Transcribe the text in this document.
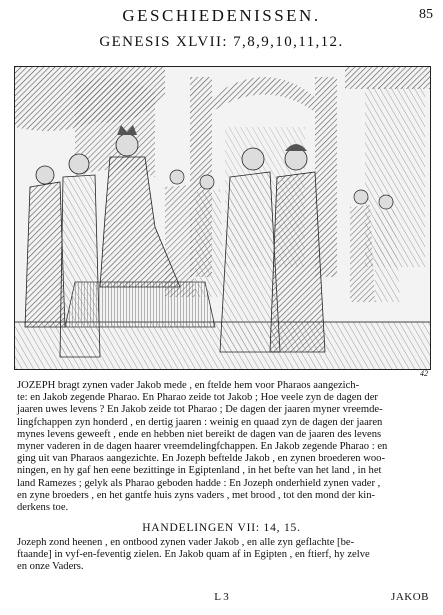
GESCHIEDENISSEN.	85
GENESIS XLVII: 7,8,9,10,11,12.
42
JOZEPH bragt zynen vader Jakob mede , en ftelde hem voor Pharaos aangezich-
te: en Jakob zegende Pharao. En Pharao zeide tot Jakob ; Hoe veele zyn de dagen der
jaaren uwes levens ? En Jakob zeide tot Pharao ; De dagen der jaaren myner vreemde-
lingfchappen zyn honderd , en dertig jaaren : weinig en quaad zyn de dagen der jaaren
mynes levens geweeft , ende en hebben niet bereikt de dagen van de jaaren des levens
myner vaderen in de dagen haarer vreemdelingfchappen. En Jakob zegende Pharao : en
ging uit van Pharaos aangezichte. En Jozeph beftelde Jakob , en zynen broederen woo-
ningen, en hy gaf hen eene bezittinge in Egiptenland , in het befte van het land , in het
land Ramezes ; gelyk als Pharao geboden hadde : En Jozeph onderhield zynen vader ,
en zyne broeders , en het gantfe huis zyns vaders , met brood , tot den mond der kin-
derkens toe.
HANDELINGEN VII: 14, 15.
Jozeph zond heenen , en ontbood zynen vader Jakob , en alle zyn geflachte [be-
ftaande] in vyf-en-feventig zielen. En Jakob quam af in Egipten , en ftierf, hy zelve
en onze Vaders.
L 3	JAKOB
